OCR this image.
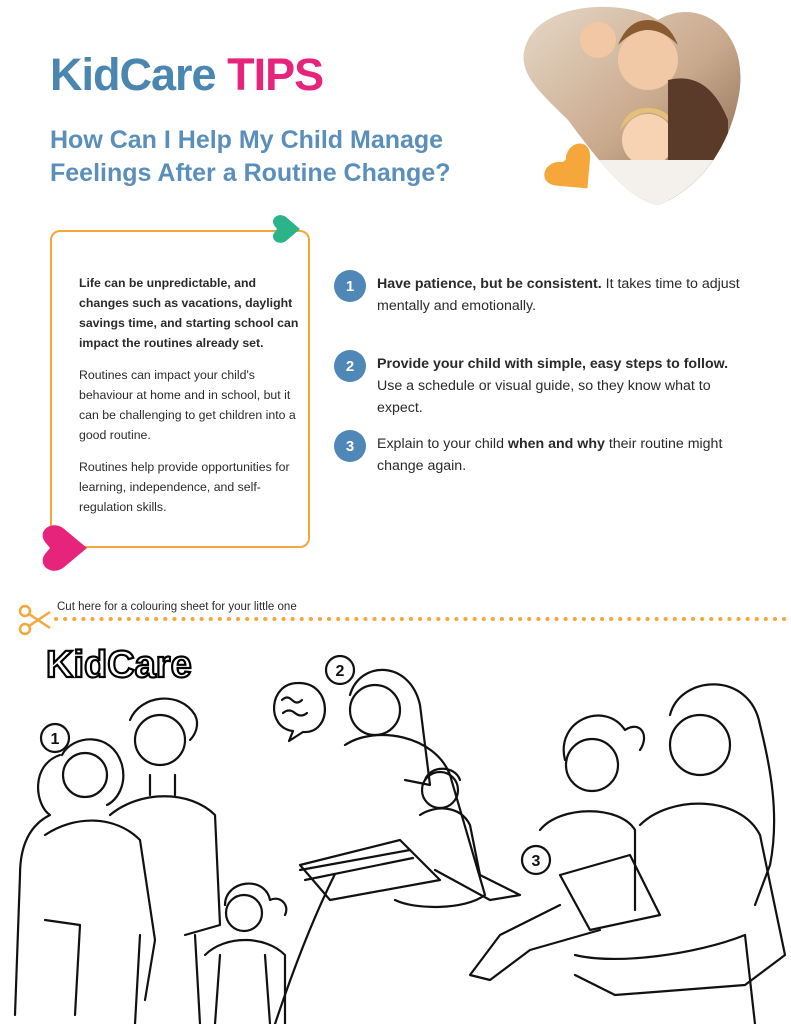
KidCare TIPS
How Can I Help My Child Manage Feelings After a Routine Change?

Life can be unpredictable, and changes such as vacations, daylight savings time, and starting school can impact the routines already set.

Routines can impact your child's behaviour at home and in school, but it can be challenging to get children into a good routine.

Routines help provide opportunities for learning, independence, and self-regulation skills.

1	Have patience, but be consistent. It takes time to adjust mentally and emotionally.
2	Provide your child with simple, easy steps to follow. Use a schedule or visual guide, so they know what to expect.
3	Explain to your child when and why their routine might change again.
Cut here for a colouring sheet for your little one
KidCare
1
2
3
